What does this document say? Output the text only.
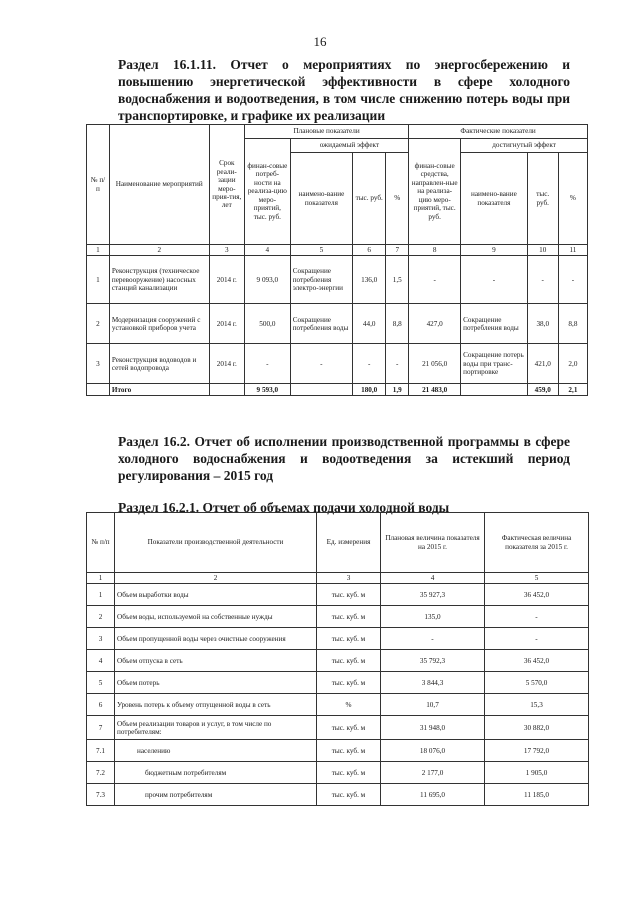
16
Раздел 16.1.11. Отчет о мероприятиях по энергосбережению и повышению энергетической эффективности в сфере холодного водоснабжения и водоотведения, в том числе снижению потерь воды при транспортировке, и графике их реализации
№ п/п	Наименование мероприятий	Срок реали-зации меро-прия-тия, лет	Плановые показатели				Фактические показатели			
			финан-совые потреб-ности на реализа-цию меро-приятий, тыс. руб.	ожидаемый эффект			финан-совые средства, направлен-ные на реализа-цию меро-приятий, тыс. руб.	достигнутый эффект		
				наимено-вание показателя	тыс. руб.	%		наимено-вание показателя	тыс. руб.	%
1	2	3	4	5	6	7	8	9	10	11
1	Реконструкция (техническое перевооружение) насосных станций канализации	2014 г.	9 093,0	Сокращение потребления электро-энергии	136,0	1,5	-	-	-	-
2	Модернизация сооружений с установкой приборов учета	2014 г.	500,0	Сокращение потребления воды	44,0	8,8	427,0	Сокращение потребления воды	38,0	8,8
3	Реконструкция водоводов и сетей водопровода	2014 г.	-	-	-	-	21 056,0	Сокращение потерь воды при транс-портировке	421,0	2,0
	Итого		9 593,0		180,0	1,9	21 483,0		459,0	2,1
Раздел 16.2. Отчет об исполнении производственной программы в сфере холодного водоснабжения и водоотведения за истекший период регулирования – 2015 год
Раздел 16.2.1. Отчет об объемах подачи холодной воды
№ п/п	Показатели производственной деятельности	Ед. измерения	Плановая величина показателя на 2015 г.	Фактическая величина показателя за 2015 г.
1	2	3	4	5
1	Объем выработки воды	тыс. куб. м	35 927,3	36 452,0
2	Объем воды, используемой на собственные нужды	тыс. куб. м	135,0	-
3	Объем пропущенной воды через очистные сооружения	тыс. куб. м	-	-
4	Объем отпуска в сеть	тыс. куб. м	35 792,3	36 452,0
5	Объем потерь	тыс. куб. м	3 844,3	5 570,0
6	Уровень потерь к объему отпущенной воды в сеть	%	10,7	15,3
7	Объем реализации товаров и услуг, в том числе по потребителям:	тыс. куб. м	31 948,0	30 882,0
7.1	населению	тыс. куб. м	18 076,0	17 792,0
7.2	бюджетным потребителям	тыс. куб. м	2 177,0	1 905,0
7.3	прочим потребителям	тыс. куб. м	11 695,0	11 185,0
